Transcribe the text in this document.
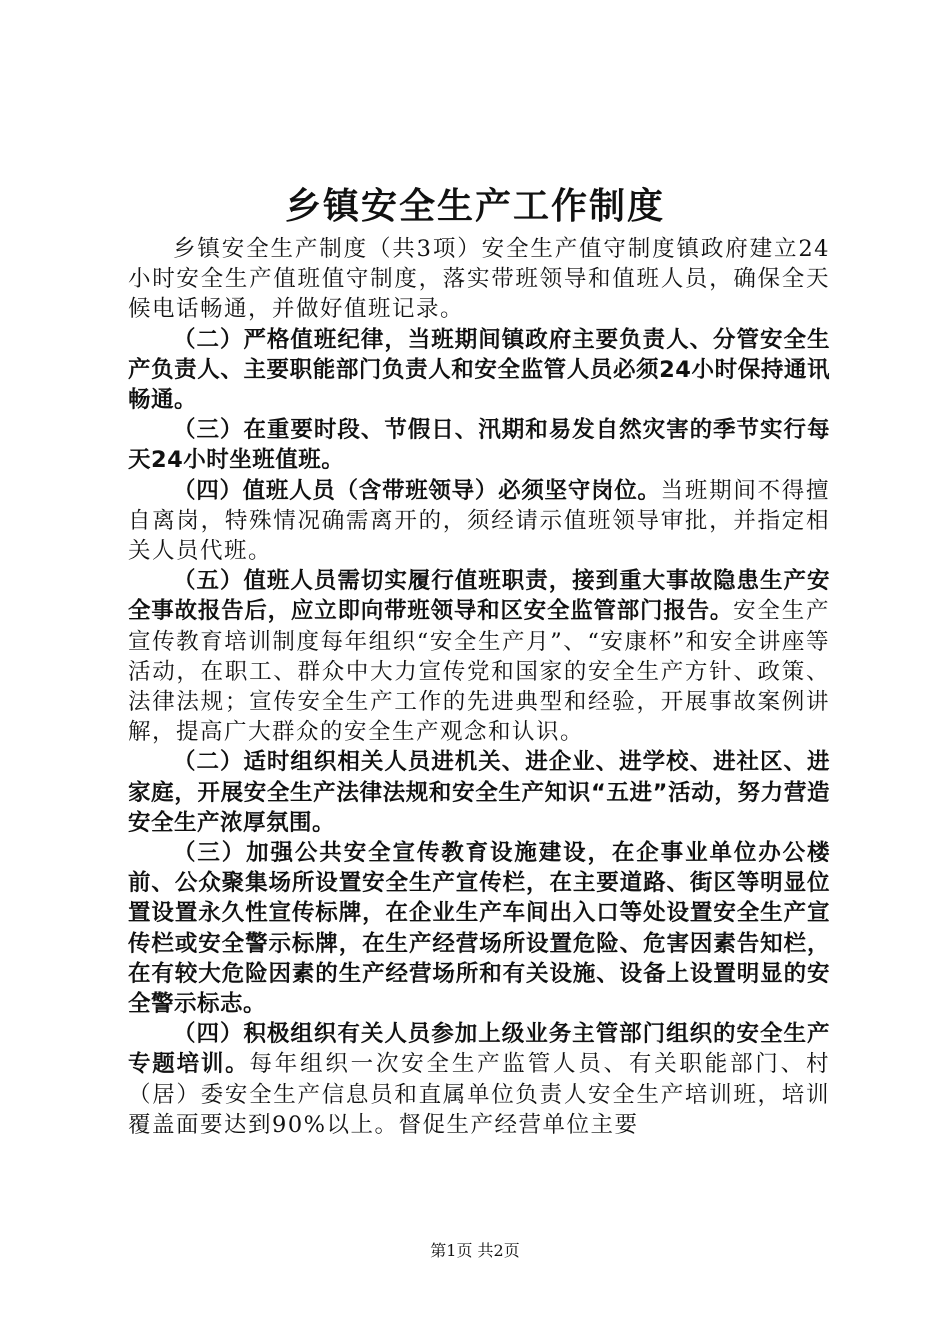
乡镇安全生产工作制度

乡镇安全生产制度（共3项）安全生产值守制度镇政府建立24小时安全生产值班值守制度，落实带班领导和值班人员，确保全天候电话畅通，并做好值班记录。

（二）严格值班纪律，当班期间镇政府主要负责人、分管安全生产负责人、主要职能部门负责人和安全监管人员必须24小时保持通讯畅通。

（三）在重要时段、节假日、汛期和易发自然灾害的季节实行每天24小时坐班值班。

（四）值班人员（含带班领导）必须坚守岗位。当班期间不得擅自离岗，特殊情况确需离开的，须经请示值班领导审批，并指定相关人员代班。

（五）值班人员需切实履行值班职责，接到重大事故隐患生产安全事故报告后，应立即向带班领导和区安全监管部门报告。安全生产宣传教育培训制度每年组织“安全生产月”、“安康杯”和安全讲座等活动，在职工、群众中大力宣传党和国家的安全生产方针、政策、法律法规；宣传安全生产工作的先进典型和经验，开展事故案例讲解，提高广大群众的安全生产观念和认识。

（二）适时组织相关人员进机关、进企业、进学校、进社区、进家庭，开展安全生产法律法规和安全生产知识“五进”活动，努力营造安全生产浓厚氛围。

（三）加强公共安全宣传教育设施建设，在企事业单位办公楼前、公众聚集场所设置安全生产宣传栏，在主要道路、街区等明显位置设置永久性宣传标牌，在企业生产车间出入口等处设置安全生产宣传栏或安全警示标牌，在生产经营场所设置危险、危害因素告知栏，在有较大危险因素的生产经营场所和有关设施、设备上设置明显的安全警示标志。

（四）积极组织有关人员参加上级业务主管部门组织的安全生产专题培训。每年组织一次安全生产监管人员、有关职能部门、村（居）委安全生产信息员和直属单位负责人安全生产培训班，培训覆盖面要达到90%以上。督促生产经营单位主要

第1页 共2页
